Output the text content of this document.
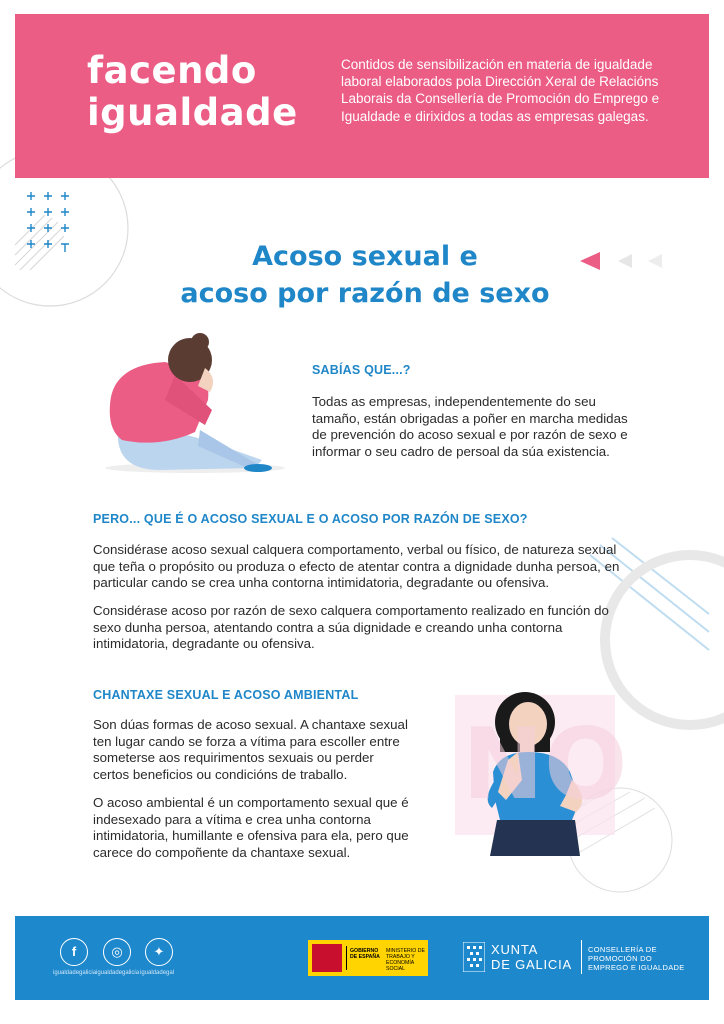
facendo
igualdade
Contidos de sensibilización en materia de igualdade laboral elaborados pola Dirección Xeral de Relacións Laborais da Consellería de Promoción do Emprego e Igualdade e dirixidos a todas as empresas galegas.
Acoso sexual e
acoso por razón de sexo
SABÍAS QUE...?
Todas as empresas, independentemente do seu tamaño, están obrigadas a poñer en marcha medidas de prevención do acoso sexual e por razón de sexo e informar o seu cadro de persoal da súa existencia.
PERO... QUE É O ACOSO SEXUAL E O ACOSO POR RAZÓN DE SEXO?
Considérase acoso sexual calquera comportamento, verbal ou físico, de natureza sexual que teña o propósito ou produza o efecto de atentar contra a dignidade dunha persoa, en particular cando se crea unha contorna intimidatoria, degradante ou ofensiva.
Considérase acoso por razón de sexo calquera comportamento realizado en función do sexo dunha persoa, atentando contra a súa dignidade e creando unha contorna intimidatoria, degradante ou ofensiva.
CHANTAXE SEXUAL E ACOSO AMBIENTAL
Son dúas formas de acoso sexual. A chantaxe sexual ten lugar cando se forza a vítima para escoller entre someterse aos requirimentos sexuais ou perder certos beneficios ou condicións de traballo.
O acoso ambiental é un comportamento sexual que é indesexado para a vítima e crea unha contorna intimidatoria, humillante e ofensiva para ela, pero que carece do compoñente da chantaxe sexual.
NO
f
igualdadegalicia
◎
igualdadegalicia
✦
igualdadegal
GOBIERNO DE ESPAÑA
MINISTERIO DE TRABAJO Y ECONOMÍA SOCIAL
XUNTA
DE GALICIA
CONSELLERÍA DE
PROMOCIÓN DO
EMPREGO E IGUALDADE
